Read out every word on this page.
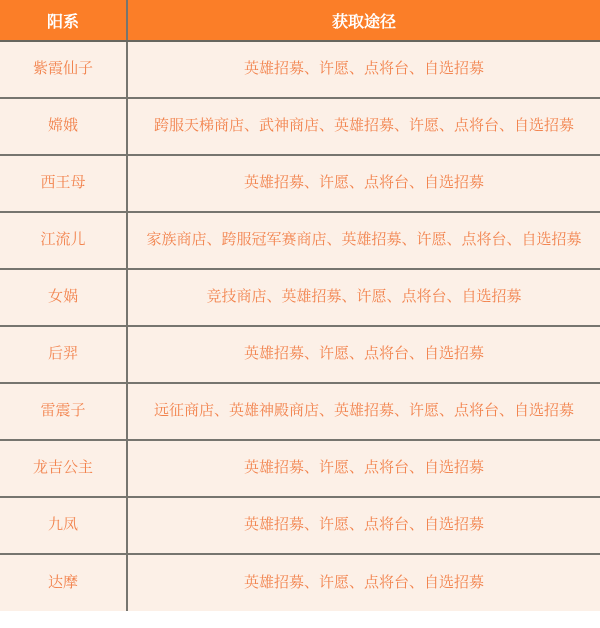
阳系	获取途径
紫霞仙子	英雄招募、许愿、点将台、自选招募
嫦娥	跨服天梯商店、武神商店、英雄招募、许愿、点将台、自选招募
西王母	英雄招募、许愿、点将台、自选招募
江流儿	家族商店、跨服冠军赛商店、英雄招募、许愿、点将台、自选招募
女娲	竞技商店、英雄招募、许愿、点将台、自选招募
后羿	英雄招募、许愿、点将台、自选招募
雷震子	远征商店、英雄神殿商店、英雄招募、许愿、点将台、自选招募
龙吉公主	英雄招募、许愿、点将台、自选招募
九凤	英雄招募、许愿、点将台、自选招募
达摩	英雄招募、许愿、点将台、自选招募
